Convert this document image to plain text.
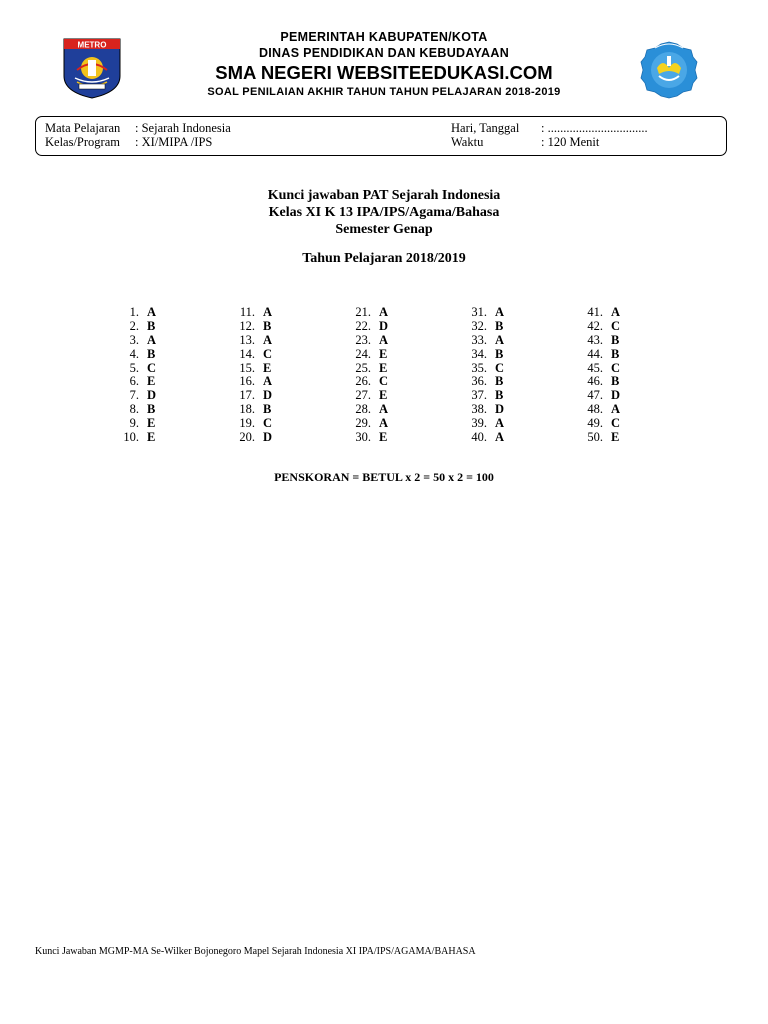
METRO
PEMERINTAH KABUPATEN/KOTA
DINAS PENDIDIKAN DAN KEBUDAYAAN
SMA NEGERI WEBSITEEDUKASI.COM
SOAL PENILAIAN AKHIR TAHUN TAHUN PELAJARAN 2018-2019
Mata Pelajaran : Sejarah Indonesia
Kelas/Program : XI/MIPA /IPS
Hari, Tanggal : ................................
Waktu	: 120 Menit
Kunci jawaban PAT Sejarah Indonesia
Kelas XI K 13 IPA/IPS/Agama/Bahasa
Semester Genap
Tahun Pelajaran 2018/2019
1. A
2. B
3. A
4. B
5. C
6. E
7. D
8. B
9. E
10. E
11. A
12. B
13. A
14. C
15. E
16. A
17. D
18. B
19. C
20. D
21. A
22. D
23. A
24. E
25. E
26. C
27. E
28. A
29. A
30. E
31. A
32. B
33. A
34. B
35. C
36. B
37. B
38. D
39. A
40. A
41. A
42. C
43. B
44. B
45. C
46. B
47. D
48. A
49. C
50. E
PENSKORAN = BETUL x 2 = 50 x 2 = 100
Kunci Jawaban MGMP-MA Se-Wilker Bojonegoro Mapel Sejarah Indonesia XI IPA/IPS/AGAMA/BAHASA
